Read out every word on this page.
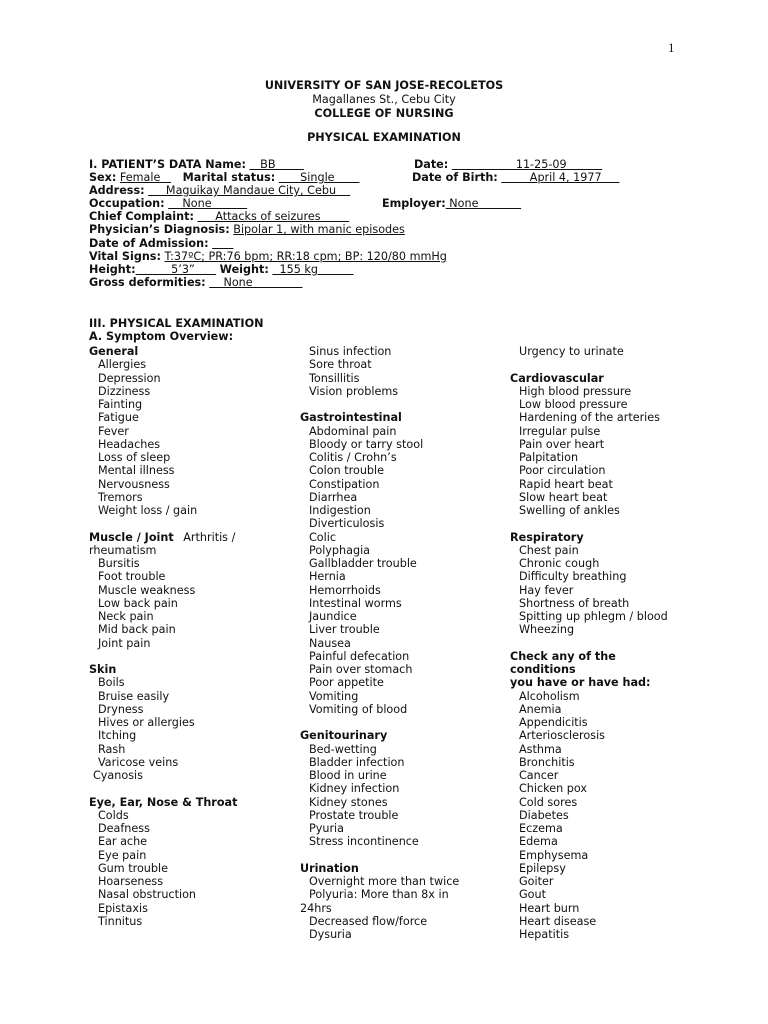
1
UNIVERSITY OF SAN JOSE-RECOLETOS
Magallanes St., Cebu City
COLLEGE OF NURSING
PHYSICAL EXAMINATION
I. PATIENT’S DATA Name:    BB	Date:                   11-25-09
Sex: Female    Marital status:       Single	Date of Birth:         April 4, 1977
Address:      Maguikay Mandaue City, Cebu
Occupation:     None	Employer: None
Chief Complaint:      Attacks of seizures
Physician’s Diagnosis: Bipolar 1, with manic episodes
Date of Admission:
Vital Signs: T:37ºC; PR:76 bpm; RR:18 cpm; BP: 120/80 mmHg
Height:          5’3”       Weight:   155 kg
Gross deformities:     None
III. PHYSICAL EXAMINATION
A. Symptom Overview:
General
Allergies
Depression
Dizziness
Fainting
Fatigue
Fever
Headaches
Loss of sleep
Mental illness
Nervousness
Tremors
Weight loss / gain
Muscle / Joint Arthritis /
rheumatism
Bursitis
Foot trouble
Muscle weakness
Low back pain
Neck pain
Mid back pain
Joint pain
Skin
Boils
Bruise easily
Dryness
Hives or allergies
Itching
Rash
Varicose veins
Cyanosis
Eye, Ear, Nose & Throat
Colds
Deafness
Ear ache
Eye pain
Gum trouble
Hoarseness
Nasal obstruction
Epistaxis
Tinnitus
Sinus infection
Sore throat
Tonsillitis
Vision problems
Gastrointestinal
Abdominal pain
Bloody or tarry stool
Colitis / Crohn’s
Colon trouble
Constipation
Diarrhea
Indigestion
Diverticulosis
Colic
Polyphagia
Gallbladder trouble
Hernia
Hemorrhoids
Intestinal worms
Jaundice
Liver trouble
Nausea
Painful defecation
Pain over stomach
Poor appetite
Vomiting
Vomiting of blood
Genitourinary
Bed-wetting
Bladder infection
Blood in urine
Kidney infection
Kidney stones
Prostate trouble
Pyuria
Stress incontinence
Urination
Overnight more than twice
Polyuria: More than 8x in
24hrs
Decreased flow/force
Dysuria
Urgency to urinate
Cardiovascular
High blood pressure
Low blood pressure
Hardening of the arteries
Irregular pulse
Pain over heart
Palpitation
Poor circulation
Rapid heart beat
Slow heart beat
Swelling of ankles
Respiratory
Chest pain
Chronic cough
Difficulty breathing
Hay fever
Shortness of breath
Spitting up phlegm / blood
Wheezing
Check any of the
conditions
you have or have had:
Alcoholism
Anemia
Appendicitis
Arteriosclerosis
Asthma
Bronchitis
Cancer
Chicken pox
Cold sores
Diabetes
Eczema
Edema
Emphysema
Epilepsy
Goiter
Gout
Heart burn
Heart disease
Hepatitis
